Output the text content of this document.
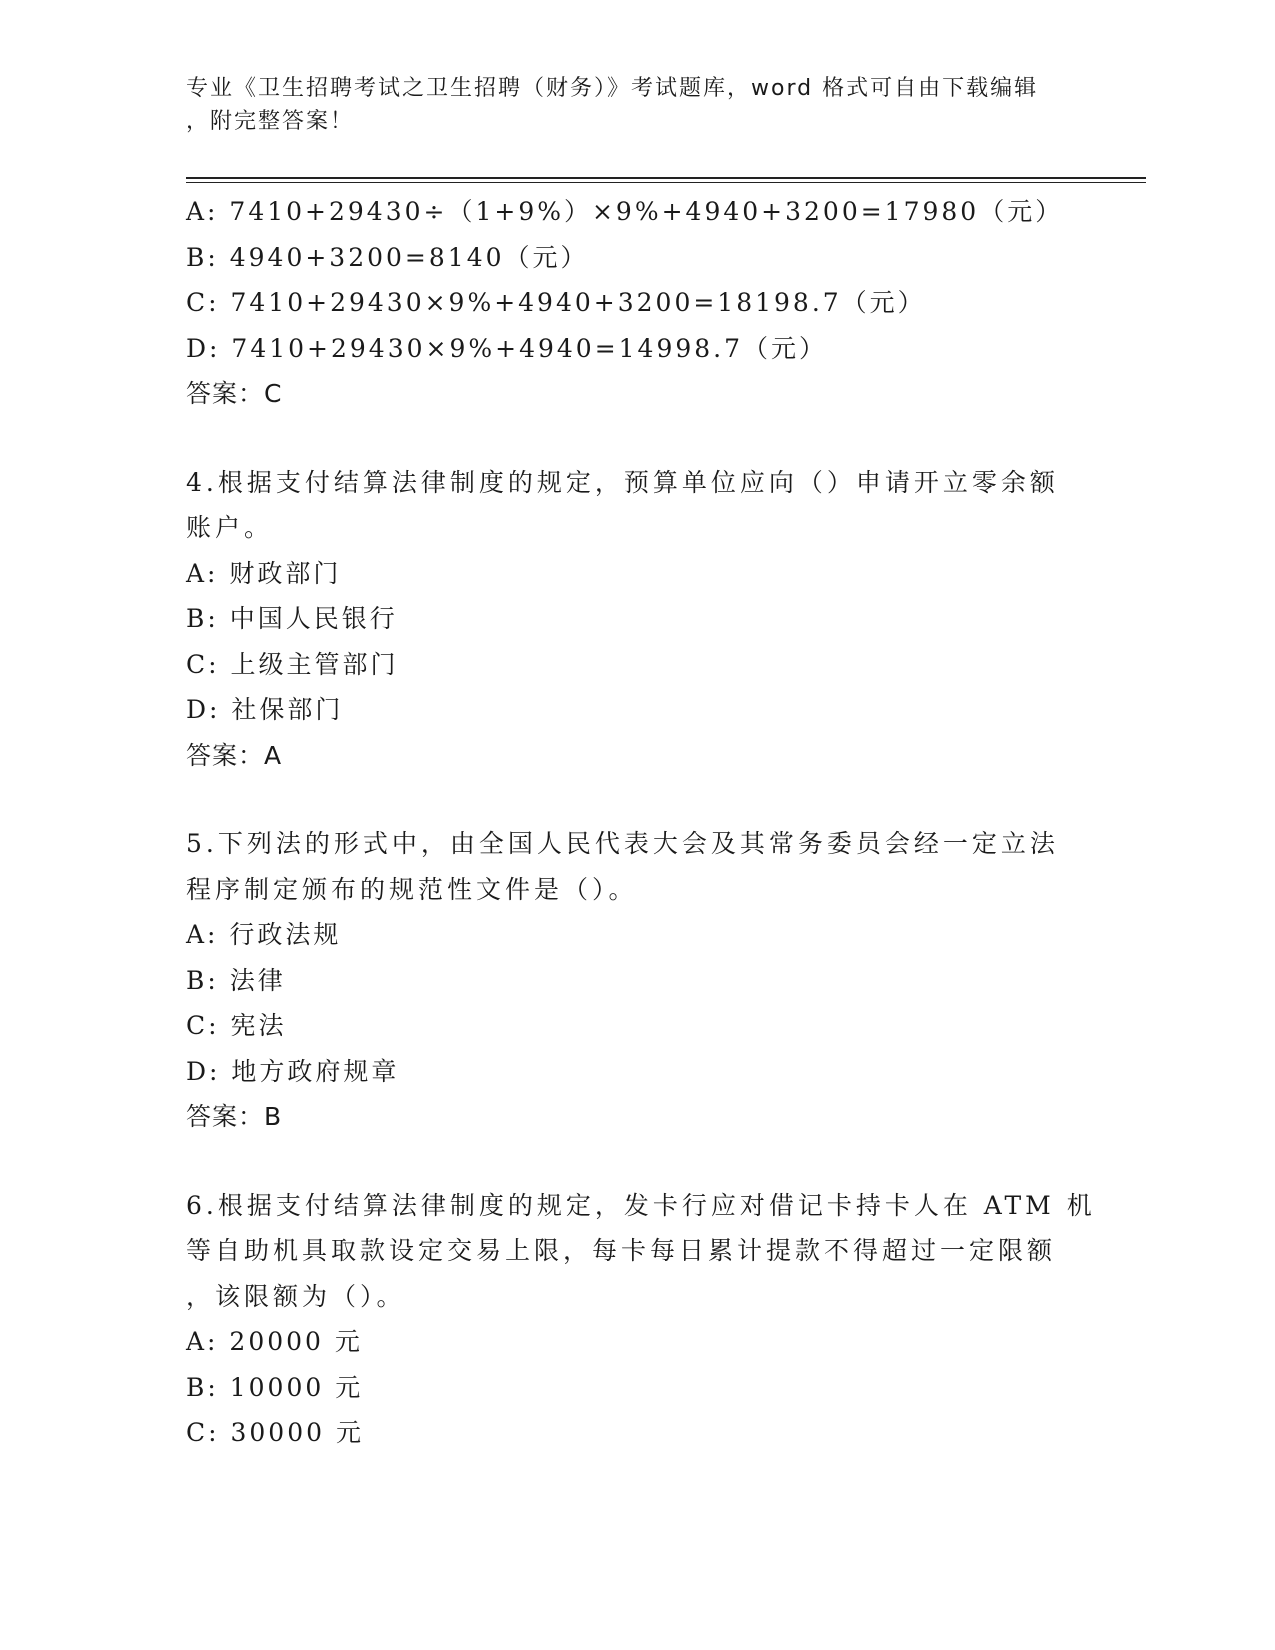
专业《卫生招聘考试之卫生招聘（财务）》考试题库，word 格式可自由下载编辑
，附完整答案！
A: 7410+29430÷（1+9%）×9%+4940+3200=17980（元）
B: 4940+3200=8140（元）
C: 7410+29430×9%+4940+3200=18198.7（元）
D: 7410+29430×9%+4940=14998.7（元）
答案：C
4.根据支付结算法律制度的规定，预算单位应向（）申请开立零余额
账户。
A: 财政部门
B: 中国人民银行
C: 上级主管部门
D: 社保部门
答案：A
5.下列法的形式中，由全国人民代表大会及其常务委员会经一定立法
程序制定颁布的规范性文件是（）。
A: 行政法规
B: 法律
C: 宪法
D: 地方政府规章
答案：B
6.根据支付结算法律制度的规定，发卡行应对借记卡持卡人在 ATM 机
等自助机具取款设定交易上限，每卡每日累计提款不得超过一定限额
，该限额为（）。
A: 20000 元
B: 10000 元
C: 30000 元
